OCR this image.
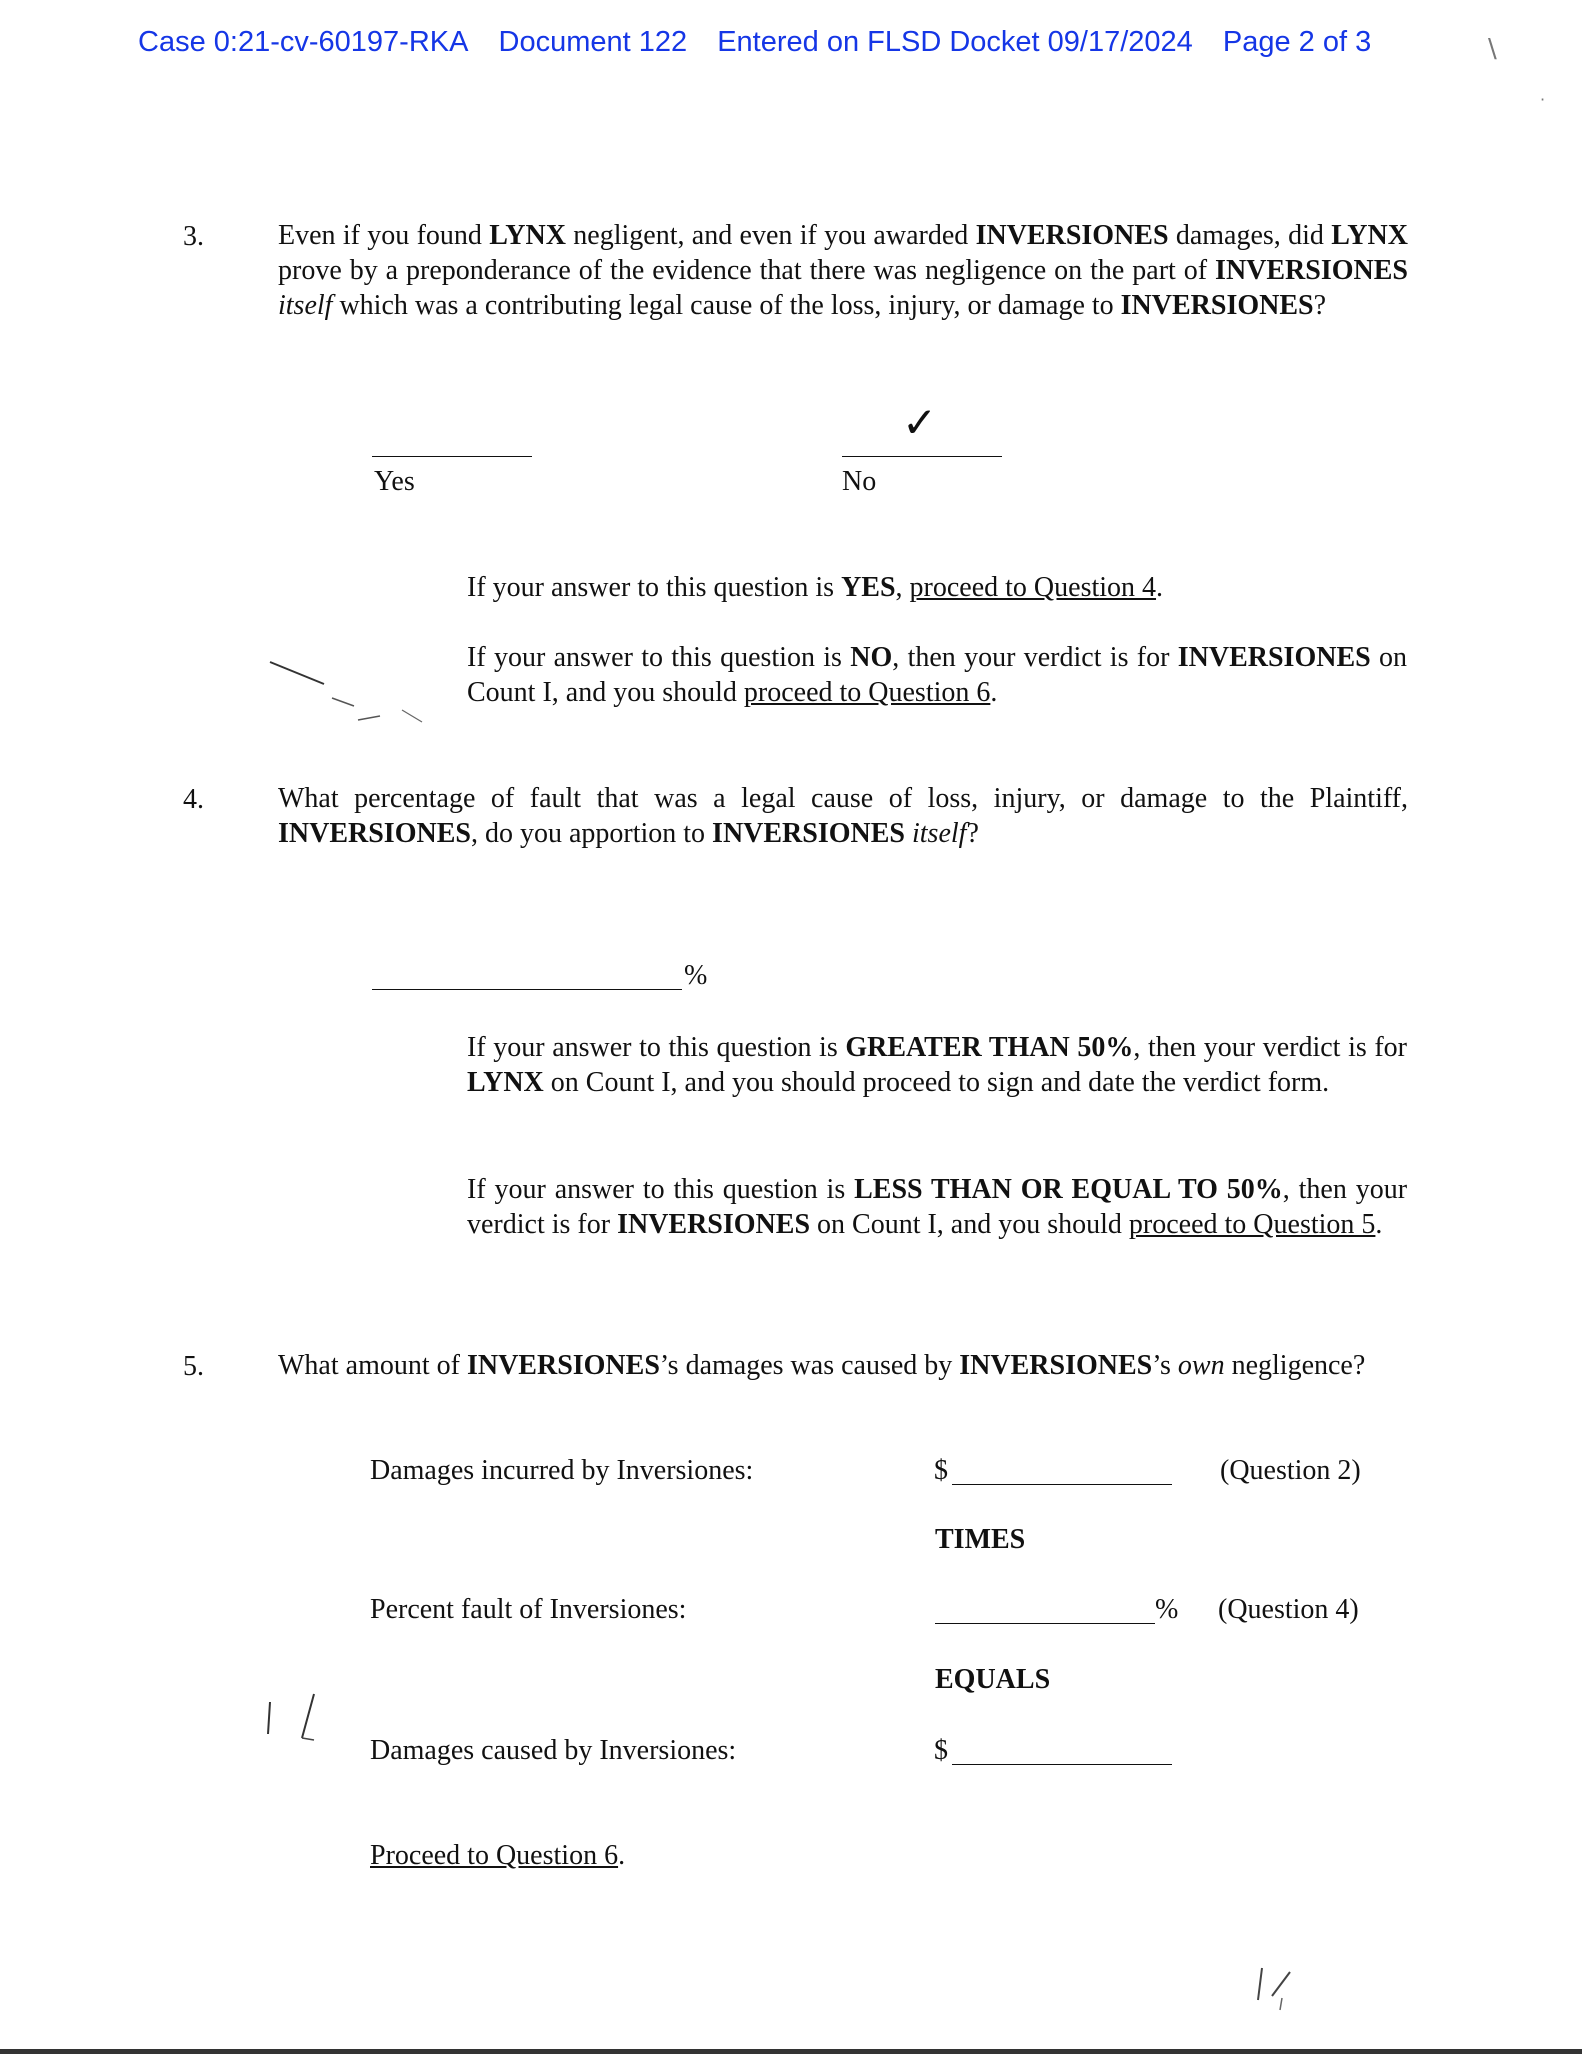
Case 0:21-cv-60197-RKA Document 122 Entered on FLSD Docket 09/17/2024 Page 2 of 3	\
·
3.	Even if you found LYNX negligent, and even if you awarded INVERSIONES damages, did LYNX prove by a preponderance of the evidence that there was negligence on the part of INVERSIONES itself which was a contributing legal cause of the loss, injury, or damage to INVERSIONES?
Yes
✓
No
If your answer to this question is YES, proceed to Question 4.
If your answer to this question is NO, then your verdict is for INVERSIONES on Count I, and you should proceed to Question 6.
4.	What percentage of fault that was a legal cause of loss, injury, or damage to the Plaintiff, INVERSIONES, do you apportion to INVERSIONES itself?
%
If your answer to this question is GREATER THAN 50%, then your verdict is for LYNX on Count I, and you should proceed to sign and date the verdict form.
If your answer to this question is LESS THAN OR EQUAL TO 50%, then your verdict is for INVERSIONES on Count I, and you should proceed to Question 5.
5.	What amount of INVERSIONES’s damages was caused by INVERSIONES’s own negligence?
Damages incurred by Inversiones:	$	(Question 2)
TIMES
Percent fault of Inversiones:	% (Question 4)
EQUALS
Damages caused by Inversiones:	$
Proceed to Question 6.
